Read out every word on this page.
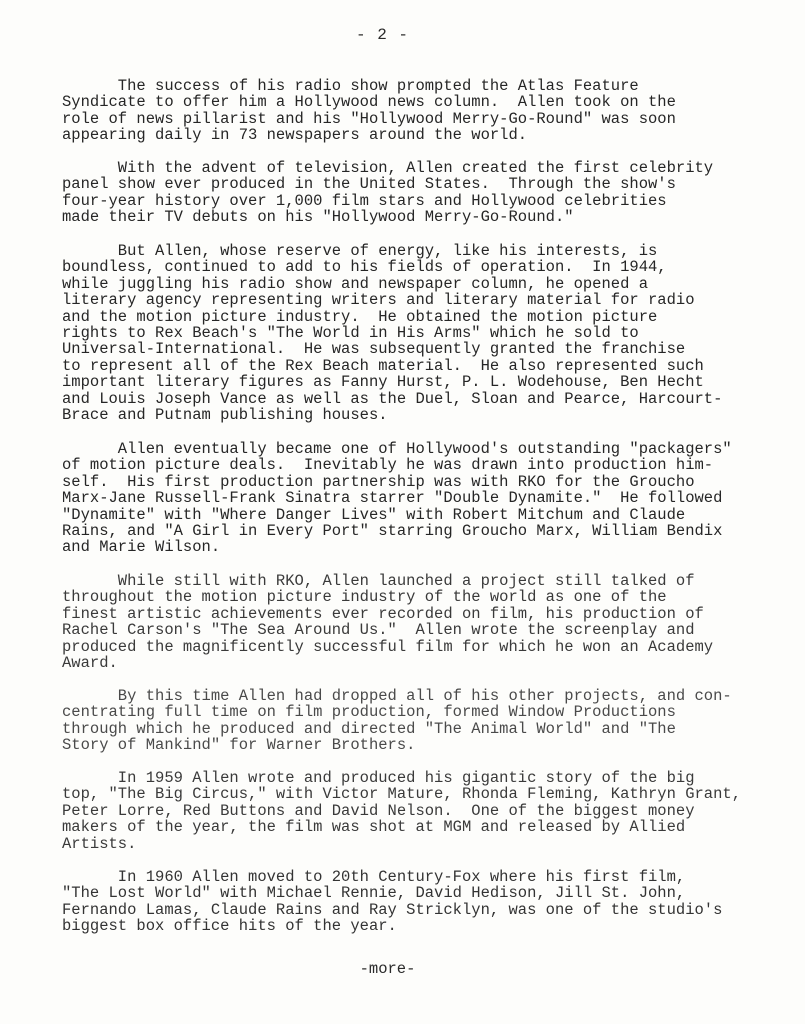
- 2 -

The success of his radio show prompted the Atlas Feature
Syndicate to offer him a Hollywood news column.  Allen took on the
role of news pillarist and his "Hollywood Merry-Go-Round" was soon
appearing daily in 73 newspapers around the world.

With the advent of television, Allen created the first celebrity
panel show ever produced in the United States.  Through the show's
four-year history over 1,000 film stars and Hollywood celebrities
made their TV debuts on his "Hollywood Merry-Go-Round."

But Allen, whose reserve of energy, like his interests, is
boundless, continued to add to his fields of operation.  In 1944,
while juggling his radio show and newspaper column, he opened a
literary agency representing writers and literary material for radio
and the motion picture industry.  He obtained the motion picture
rights to Rex Beach's "The World in His Arms" which he sold to
Universal-International.  He was subsequently granted the franchise
to represent all of the Rex Beach material.  He also represented such
important literary figures as Fanny Hurst, P. L. Wodehouse, Ben Hecht
and Louis Joseph Vance as well as the Duel, Sloan and Pearce, Harcourt-
Brace and Putnam publishing houses.

Allen eventually became one of Hollywood's outstanding "packagers"
of motion picture deals.  Inevitably he was drawn into production him-
self.  His first production partnership was with RKO for the Groucho
Marx-Jane Russell-Frank Sinatra starrer "Double Dynamite."  He followed
"Dynamite" with "Where Danger Lives" with Robert Mitchum and Claude
Rains, and "A Girl in Every Port" starring Groucho Marx, William Bendix
and Marie Wilson.

While still with RKO, Allen launched a project still talked of
throughout the motion picture industry of the world as one of the
finest artistic achievements ever recorded on film, his production of
Rachel Carson's "The Sea Around Us."  Allen wrote the screenplay and
produced the magnificently successful film for which he won an Academy
Award.

By this time Allen had dropped all of his other projects, and con-
centrating full time on film production, formed Window Productions
through which he produced and directed "The Animal World" and "The
Story of Mankind" for Warner Brothers.

In 1959 Allen wrote and produced his gigantic story of the big
top, "The Big Circus," with Victor Mature, Rhonda Fleming, Kathryn Grant,
Peter Lorre, Red Buttons and David Nelson.  One of the biggest money
makers of the year, the film was shot at MGM and released by Allied
Artists.

In 1960 Allen moved to 20th Century-Fox where his first film,
"The Lost World" with Michael Rennie, David Hedison, Jill St. John,
Fernando Lamas, Claude Rains and Ray Stricklyn, was one of the studio's
biggest box office hits of the year.

-more-
